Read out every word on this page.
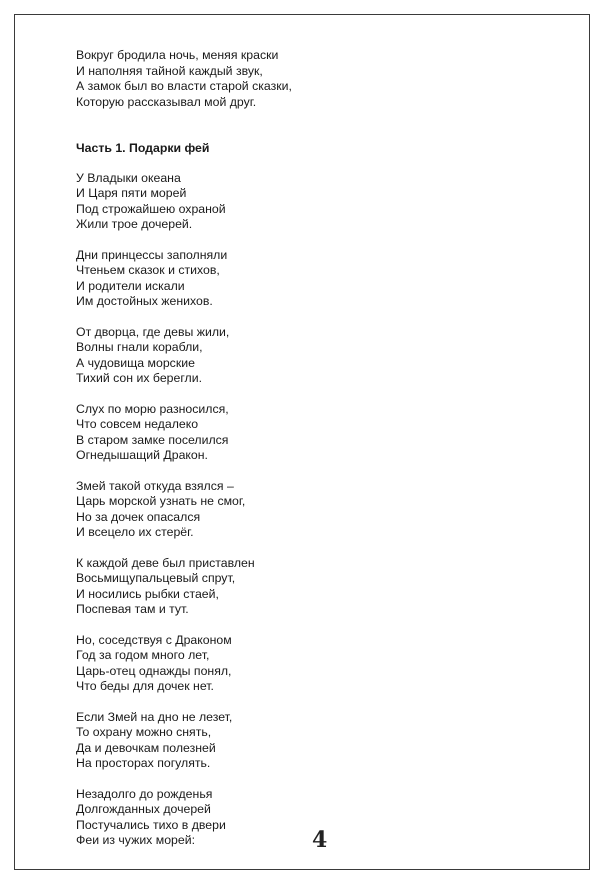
Вокруг бродила ночь, меняя краски
И наполняя тайной каждый звук,
А замок был во власти старой сказки,
Которую рассказывал мой друг.
Часть 1. Подарки фей
У Владыки океана
И Царя пяти морей
Под строжайшею охраной
Жили трое дочерей.
Дни принцессы заполняли
Чтеньем сказок и стихов,
И родители искали
Им достойных женихов.
От дворца, где девы жили,
Волны гнали корабли,
А чудовища морские
Тихий сон их берегли.
Слух по морю разносился,
Что совсем недалеко
В старом замке поселился
Огнедышащий Дракон.
Змей такой откуда взялся –
Царь морской узнать не смог,
Но за дочек опасался
И всецело их стерёг.
К каждой деве был приставлен
Восьмищупальцевый спрут,
И носились рыбки стаей,
Поспевая там и тут.
Но, соседствуя с Драконом
Год за годом много лет,
Царь-отец однажды понял,
Что беды для дочек нет.
Если Змей на дно не лезет,
То охрану можно снять,
Да и девочкам полезней
На просторах погулять.
Незадолго до рожденья
Долгожданных дочерей
Постучались тихо в двери
Феи из чужих морей:	4
